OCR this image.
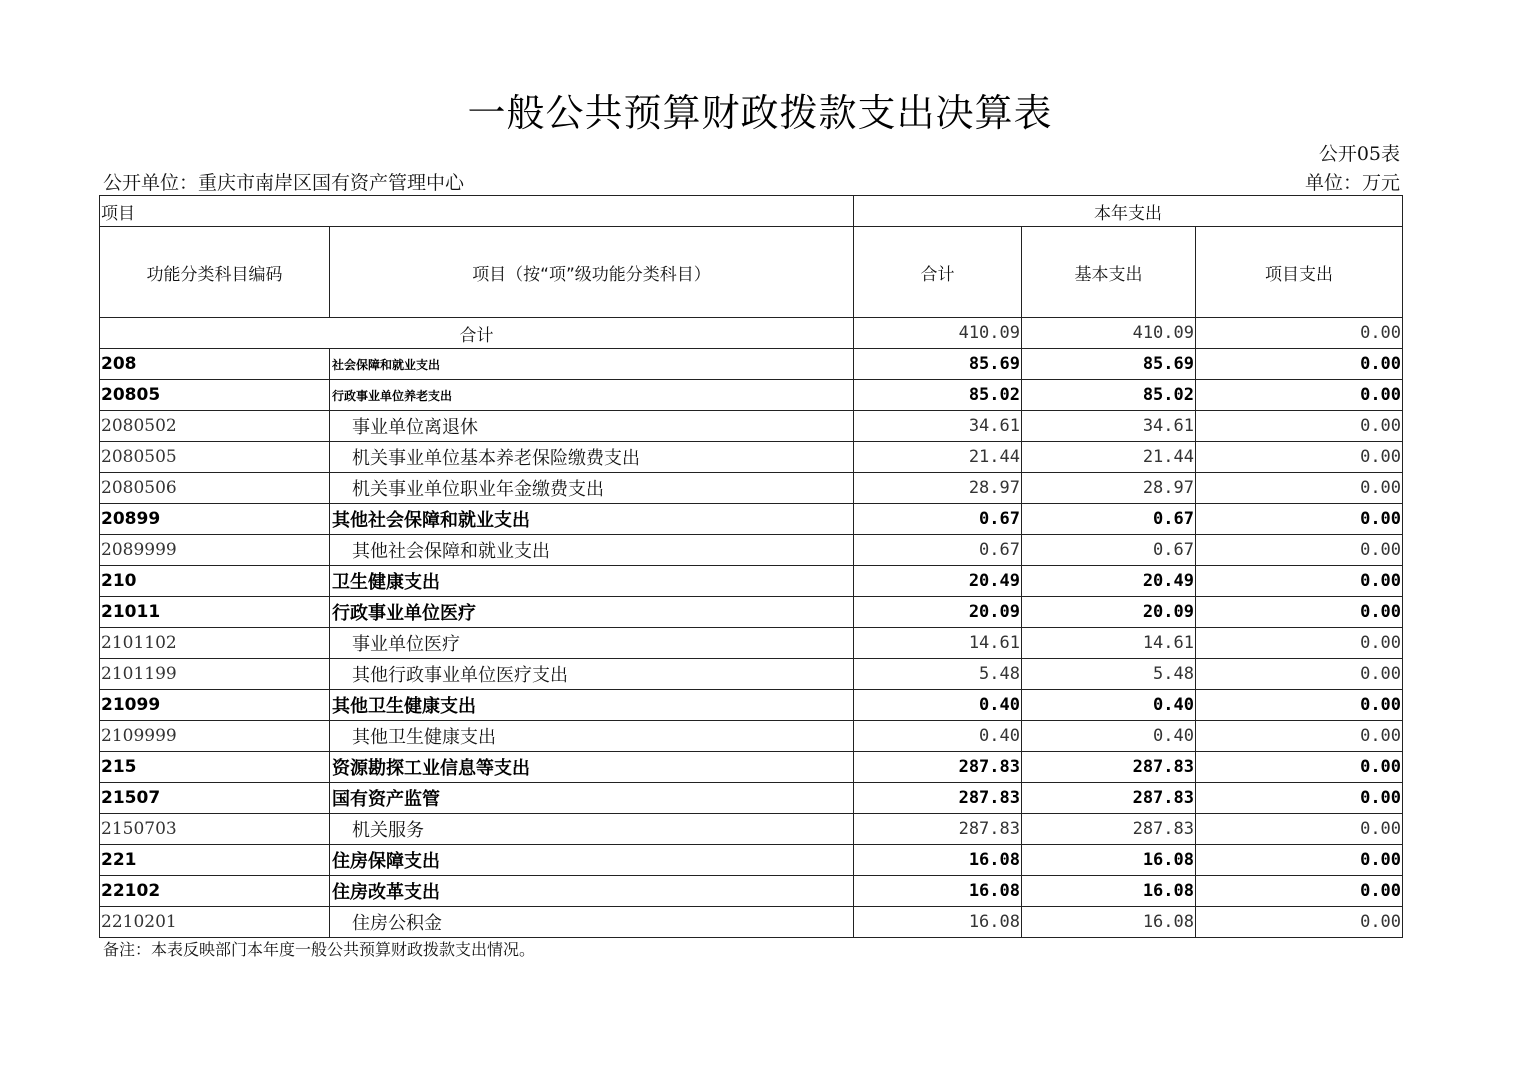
一般公共预算财政拨款支出决算表
公开05表
公开单位：重庆市南岸区国有资产管理中心	单位：万元
项目		本年支出		
功能分类科目编码	项目（按“项”级功能分类科目）	合计	基本支出	项目支出
合计		410.09	410.09	0.00
208	社会保障和就业支出	85.69	85.69	0.00
20805	行政事业单位养老支出	85.02	85.02	0.00
2080502	事业单位离退休	34.61	34.61	0.00
2080505	机关事业单位基本养老保险缴费支出	21.44	21.44	0.00
2080506	机关事业单位职业年金缴费支出	28.97	28.97	0.00
20899	其他社会保障和就业支出	0.67	0.67	0.00
2089999	其他社会保障和就业支出	0.67	0.67	0.00
210	卫生健康支出	20.49	20.49	0.00
21011	行政事业单位医疗	20.09	20.09	0.00
2101102	事业单位医疗	14.61	14.61	0.00
2101199	其他行政事业单位医疗支出	5.48	5.48	0.00
21099	其他卫生健康支出	0.40	0.40	0.00
2109999	其他卫生健康支出	0.40	0.40	0.00
215	资源勘探工业信息等支出	287.83	287.83	0.00
21507	国有资产监管	287.83	287.83	0.00
2150703	机关服务	287.83	287.83	0.00
221	住房保障支出	16.08	16.08	0.00
22102	住房改革支出	16.08	16.08	0.00
2210201	住房公积金	16.08	16.08	0.00
备注：本表反映部门本年度一般公共预算财政拨款支出情况。
